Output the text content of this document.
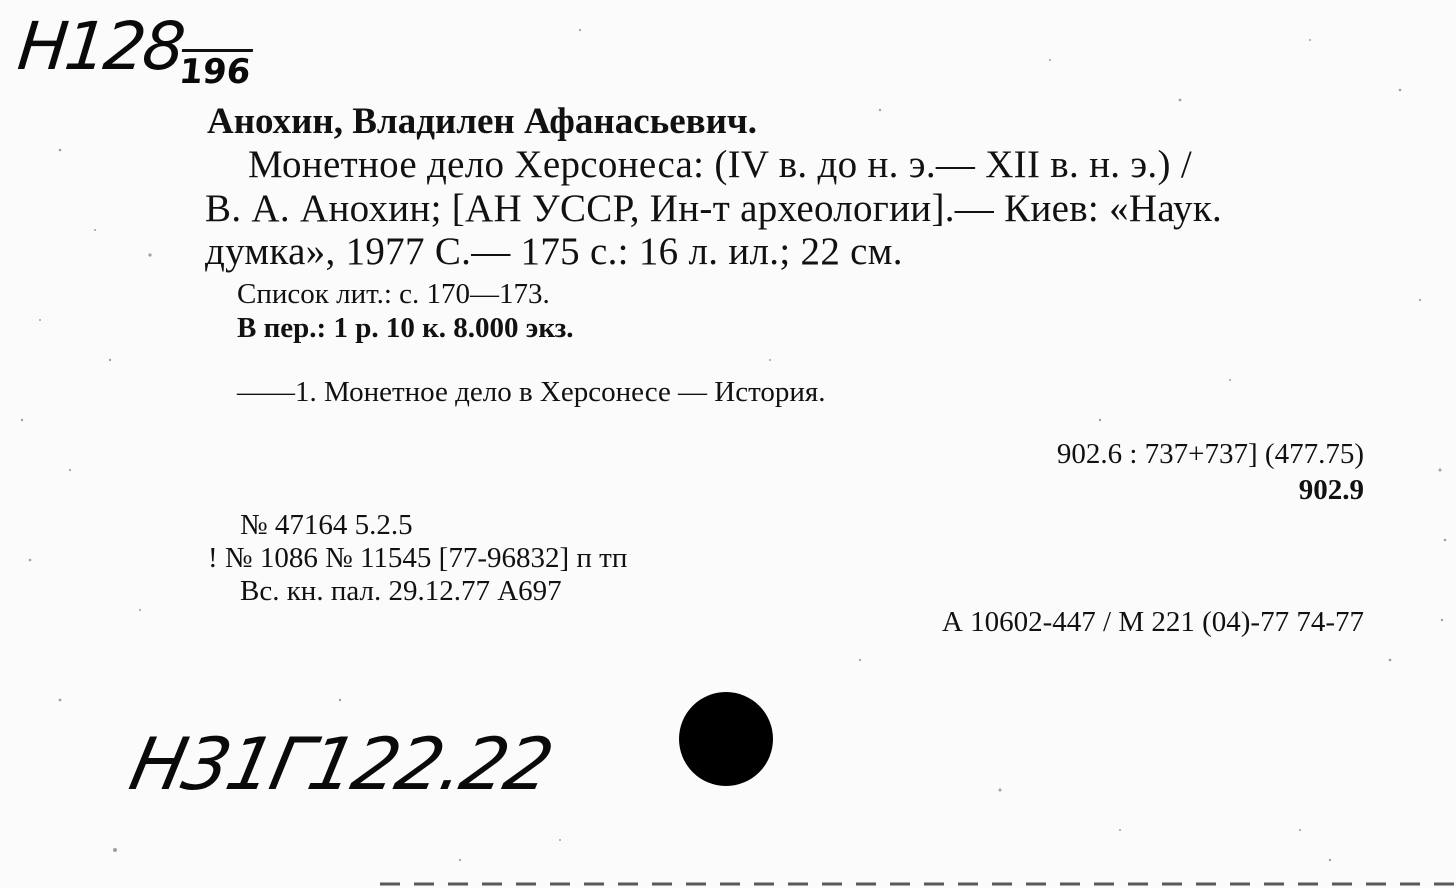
$Н128_{196}$
Н31Г122.22

Анохин, Владилен Афанасьевич.

Монетное дело Херсонеса: (IV в. до н. э.— XII в. н. э.) /

В. А. Анохин; [АН УССР, Ин-т археологии].— Киев: «Наук.

думка», 1977 С.— 175 с.: 16 л. ил.; 22 см.

Список лит.: с. 170—173.

В пер.: 1 р. 10 к. 8.000 экз.

——1. Монетное дело в Херсонесе — История.

902.6 : 737+737] (477.75)

902.9

№ 47164 5.2.5

! № 1086 № 11545 [77-96832] п тп

Вс. кн. пал. 29.12.77 А697

А 10602-447 / М 221 (04)-77 74-77
